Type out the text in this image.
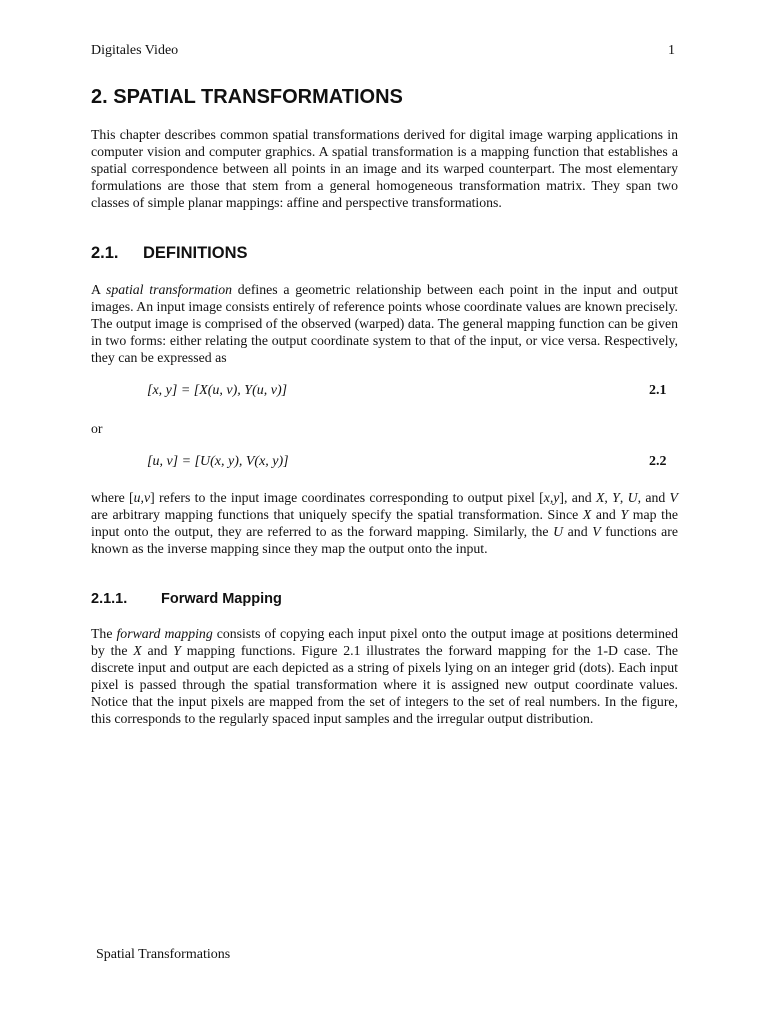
Digitales Video	1
2. SPATIAL TRANSFORMATIONS

This chapter describes common spatial transformations derived for digital image warping applications in computer vision and computer graphics. A spatial transformation is a mapping function that establishes a spatial correspondence between all points in an image and its warped counterpart. The most elementary formulations are those that stem from a general homogeneous transformation matrix. They span two classes of simple planar mappings: affine and perspective transformations.

2.1. DEFINITIONS

A spatial transformation defines a geometric relationship between each point in the input and output images. An input image consists entirely of reference points whose coordinate values are known precisely. The output image is comprised of the observed (warped) data. The general mapping function can be given in two forms: either relating the output coordinate system to that of the input, or vice versa. Respectively, they can be expressed as

[x, y] = [X(u, v), Y(u, v)]	2.1
or
[u, v] = [U(x, y), V(x, y)]	2.2

where [u,v] refers to the input image coordinates corresponding to output pixel [x,y], and X, Y, U, and V are arbitrary mapping functions that uniquely specify the spatial transformation. Since X and Y map the input onto the output, they are referred to as the forward mapping. Similarly, the U and V functions are known as the inverse mapping since they map the output onto the input.

2.1.1. Forward Mapping

The forward mapping consists of copying each input pixel onto the output image at positions determined by the X and Y mapping functions. Figure 2.1 illustrates the forward mapping for the 1-D case. The discrete input and output are each depicted as a string of pixels lying on an integer grid (dots). Each input pixel is passed through the spatial transformation where it is assigned new output coordinate values. Notice that the input pixels are mapped from the set of integers to the set of real numbers. In the figure, this corresponds to the regularly spaced input samples and the irregular output distribution.

Spatial Transformations
